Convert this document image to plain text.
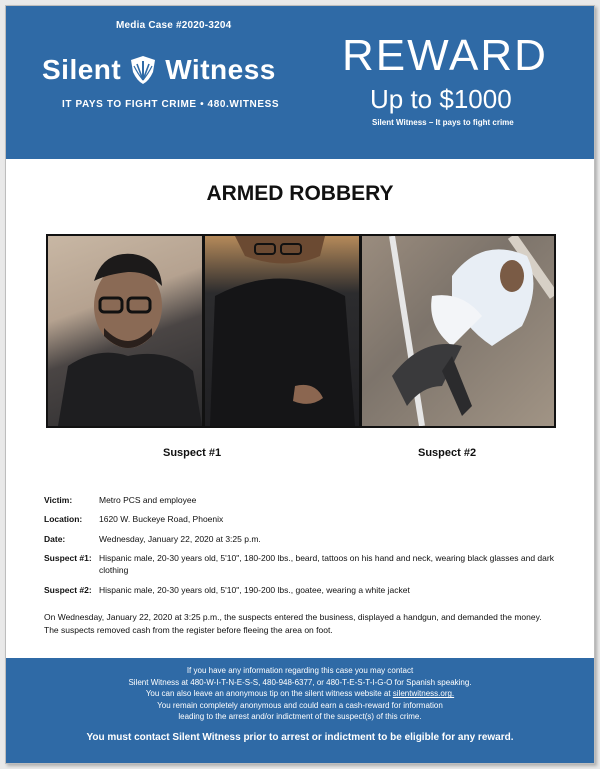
Media Case #2020-3204
Silent Witness
IT PAYS TO FIGHT CRIME • 480.WITNESS
REWARD
Up to $1000
Silent Witness – It pays to fight crime
ARMED ROBBERY
Suspect #1	Suspect #2
Victim:	Metro PCS and employee
Location:	1620 W. Buckeye Road, Phoenix
Date:	Wednesday, January 22, 2020 at 3:25 p.m.
Suspect #1: Hispanic male, 20-30 years old, 5'10", 180-200 lbs., beard, tattoos on his hand and neck, wearing black glasses and dark clothing
Suspect #2: Hispanic male, 20-30 years old, 5'10", 190-200 lbs., goatee, wearing a white jacket
On Wednesday, January 22, 2020 at 3:25 p.m., the suspects entered the business, displayed a handgun, and demanded the money. The suspects removed cash from the register before fleeing the area on foot.
If you have any information regarding this case you may contact
Silent Witness at 480-W-I-T-N-E-S-S, 480-948-6377, or 480-T-E-S-T-I-G-O for Spanish speaking.
You can also leave an anonymous tip on the silent witness website at silentwitness.org.
You remain completely anonymous and could earn a cash-reward for information
leading to the arrest and/or indictment of the suspect(s) of this crime.
You must contact Silent Witness prior to arrest or indictment to be eligible for any reward.
